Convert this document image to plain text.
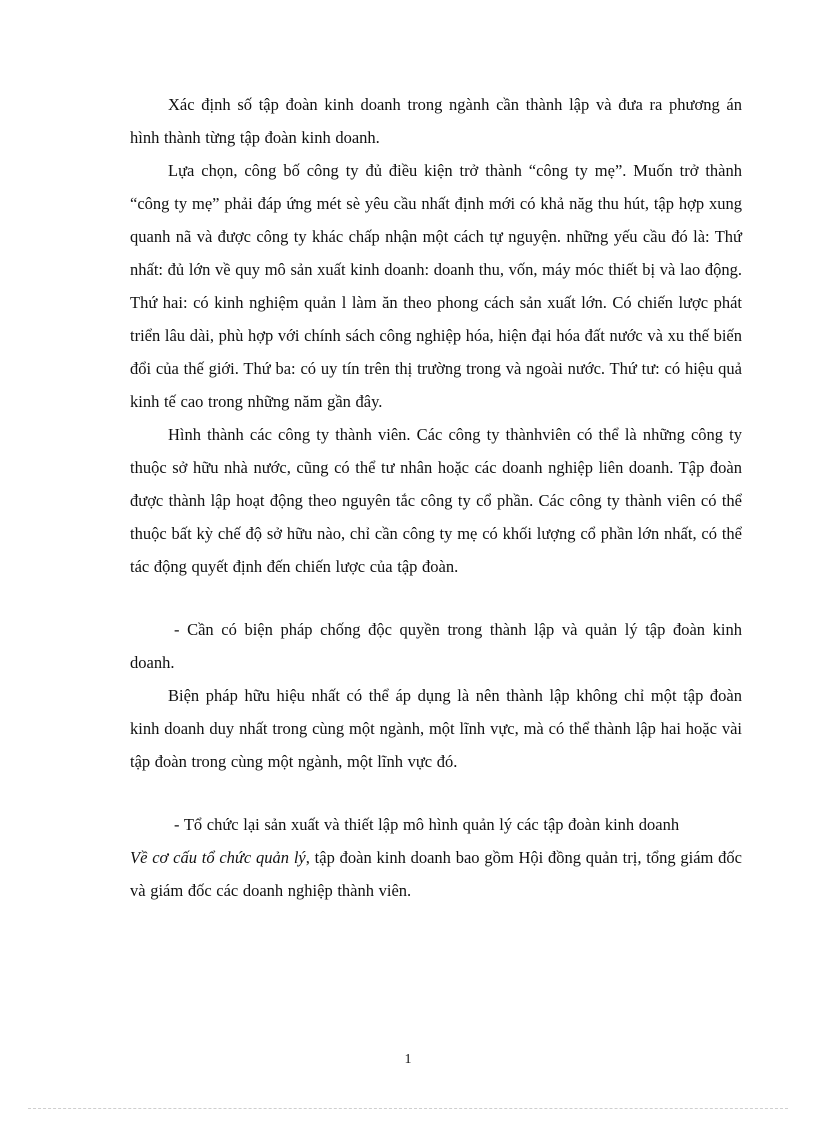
Xác định số tập đoàn kinh doanh trong ngành cần thành lập và đưa ra phương án hình thành từng tập đoàn kinh doanh.

Lựa chọn, công bố công ty đủ điều kiện trở thành “công ty mẹ”. Muốn trở thành “công ty mẹ” phải đáp ứng mét sè yêu cầu nhất định mới có khả năg thu hút, tập hợp xung quanh nã và được công ty khác chấp nhận một cách tự nguyện. những yếu cầu đó là: Thứ nhất: đủ lớn về quy mô sản xuất kinh doanh: doanh thu, vốn, máy móc thiết bị và lao động. Thứ hai: có kinh nghiệm quản l làm ăn theo phong cách sản xuất lớn. Có chiến lược phát triển lâu dài, phù hợp với chính sách công nghiệp hóa, hiện đại hóa đất nước và xu thế biến đổi của thế giới. Thứ ba: có uy tín trên thị trường trong và ngoài nước. Thứ tư: có hiệu quả kinh tế cao trong những năm gần đây.

Hình thành các công ty thành viên. Các công ty thànhviên có thể là những công ty thuộc sở hữu nhà nước, cũng có thể tư nhân hoặc các doanh nghiệp liên doanh. Tập đoàn được thành lập hoạt động theo nguyên tắc công ty cổ phần. Các công ty thành viên có thể thuộc bất kỳ chế độ sở hữu nào, chỉ cần công ty mẹ có khối lượng cổ phần lớn nhất, có thể tác động quyết định đến chiến lược của tập đoàn.

- Cần có biện pháp chống độc quyền trong thành lập và quản lý tập đoàn kinh doanh.

Biện pháp hữu hiệu nhất có thể áp dụng là nên thành lập không chỉ một tập đoàn kinh doanh duy nhất trong cùng một ngành, một lĩnh vực, mà có thể thành lập hai hoặc vài tập đoàn trong cùng một ngành, một lĩnh vực đó.

- Tổ chức lại sản xuất và thiết lập mô hình quản lý các tập đoàn kinh doanh

Về cơ cấu tổ chức quản lý, tập đoàn kinh doanh bao gồm Hội đồng quản trị, tổng giám đốc và giám đốc các doanh nghiệp thành viên.

1
